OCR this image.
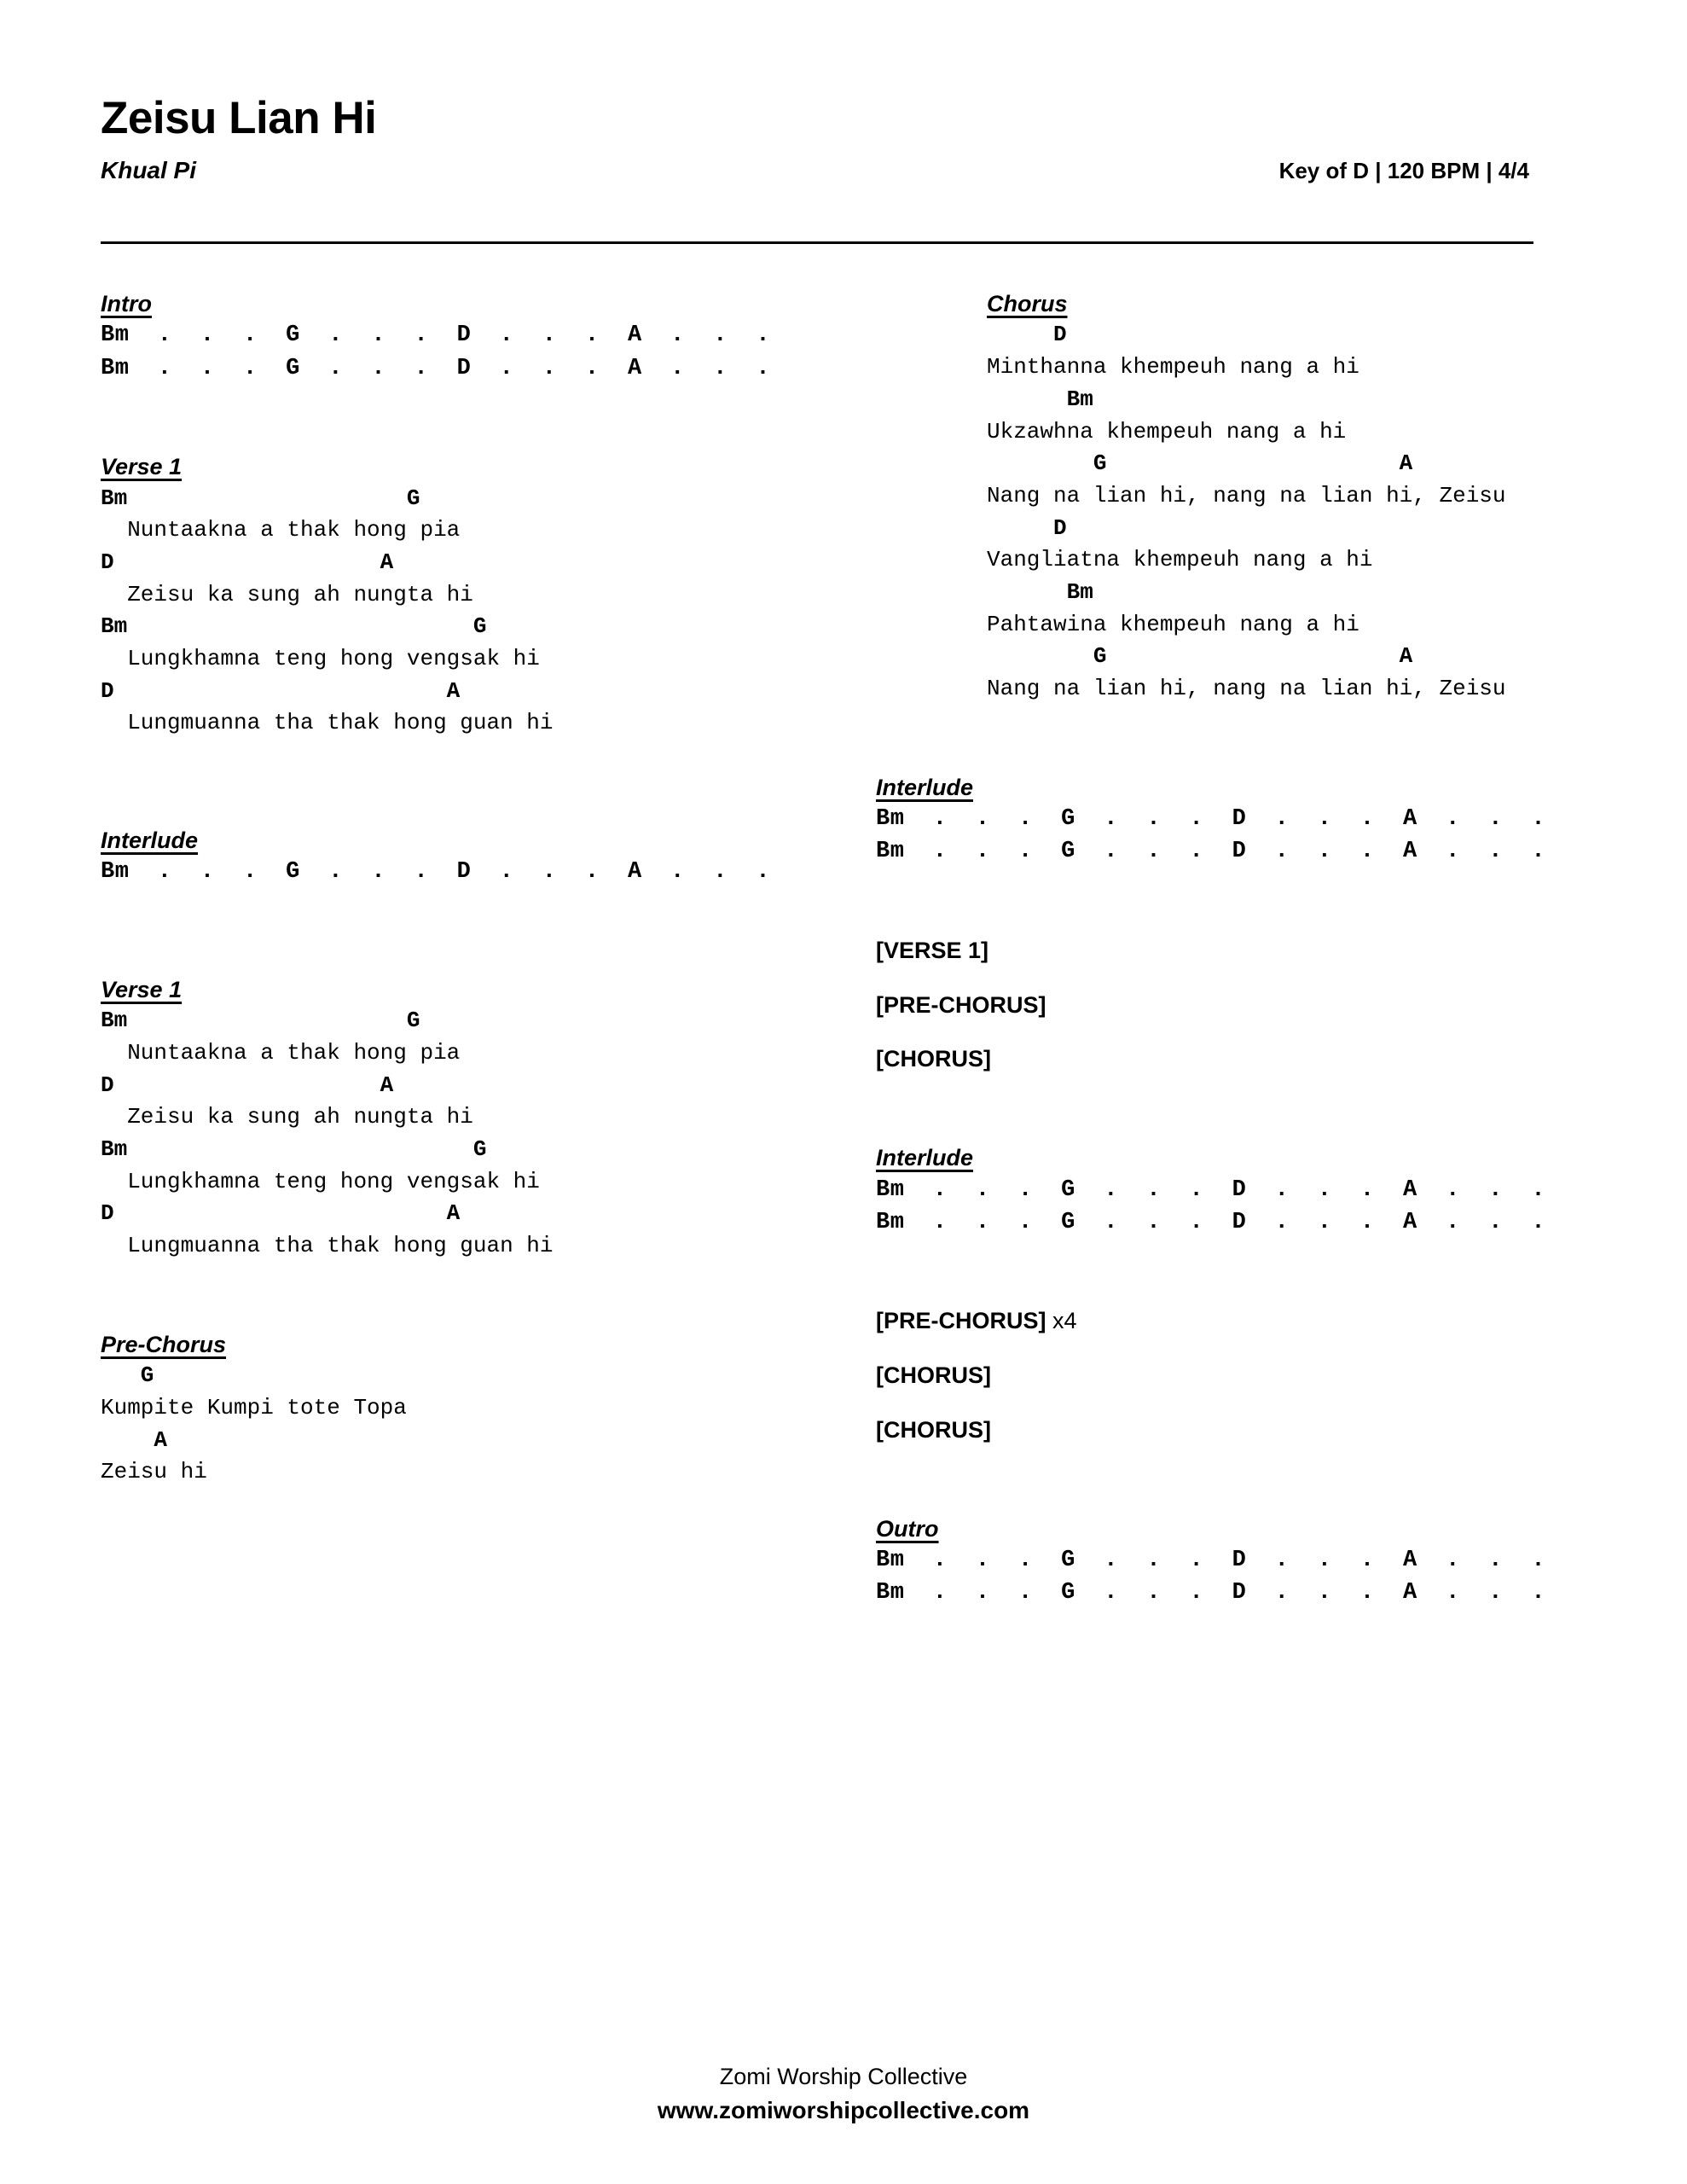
Zeisu Lian Hi
Khual Pi	Key of D | 120 BPM | 4/4
Intro
Bm  .  .  .  G  .  .  .  D  .  .  .  A  .  .  .
Bm  .  .  .  G  .  .  .  D  .  .  .  A  .  .  .
Verse 1
Bm                     G
Nuntaakna a thak hong pia
D                    A
Zeisu ka sung ah nungta hi
Bm                          G
Lungkhamna teng hong vengsak hi
D                         A
Lungmuanna tha thak hong guan hi
Interlude
Bm  .  .  .  G  .  .  .  D  .  .  .  A  .  .  .
Verse 1
Bm                     G
Nuntaakna a thak hong pia
D                    A
Zeisu ka sung ah nungta hi
Bm                          G
Lungkhamna teng hong vengsak hi
D                         A
Lungmuanna tha thak hong guan hi
Pre-Chorus
G
Kumpite Kumpi tote Topa
A
Zeisu hi
Chorus
D
Minthanna khempeuh nang a hi
Bm
Ukzawhna khempeuh nang a hi
G                      A
Nang na lian hi, nang na lian hi, Zeisu
D
Vangliatna khempeuh nang a hi
Bm
Pahtawina khempeuh nang a hi
G                      A
Nang na lian hi, nang na lian hi, Zeisu
Interlude
Bm  .  .  .  G  .  .  .  D  .  .  .  A  .  .  .
Bm  .  .  .  G  .  .  .  D  .  .  .  A  .  .  .
[VERSE 1]
[PRE-CHORUS]
[CHORUS]
Interlude
Bm  .  .  .  G  .  .  .  D  .  .  .  A  .  .  .
Bm  .  .  .  G  .  .  .  D  .  .  .  A  .  .  .
[PRE-CHORUS] x4
[CHORUS]
[CHORUS]
Outro
Bm  .  .  .  G  .  .  .  D  .  .  .  A  .  .  .
Bm  .  .  .  G  .  .  .  D  .  .  .  A  .  .  .
Zomi Worship Collective
www.zomiworshipcollective.com
